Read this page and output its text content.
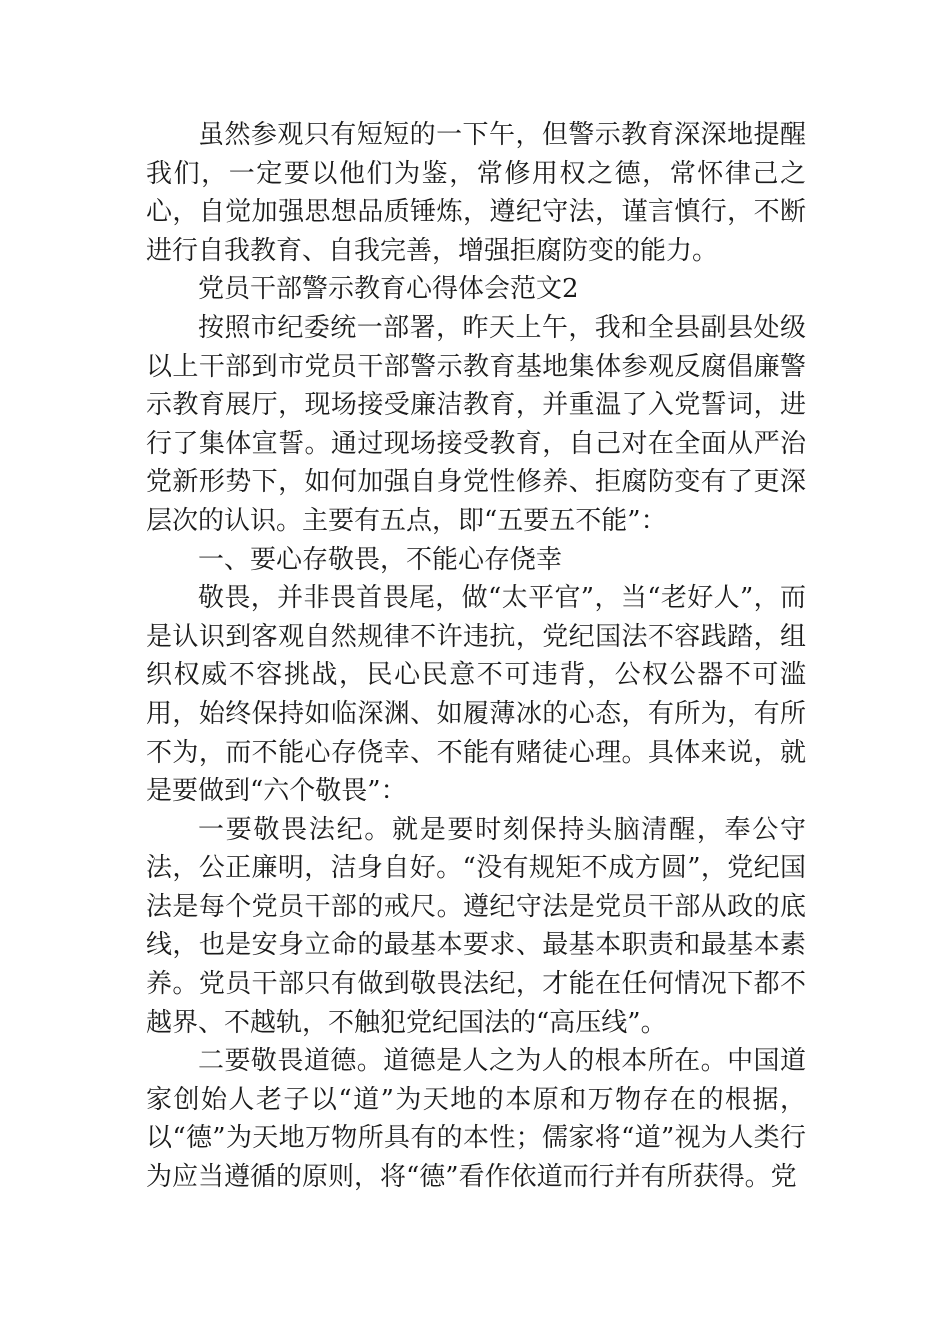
虽然参观只有短短的一下午，但警示教育深深地提醒我们，一定要以他们为鉴，常修用权之德，常怀律己之心，自觉加强思想品质锤炼，遵纪守法，谨言慎行，不断进行自我教育、自我完善，增强拒腐防变的能力。

党员干部警示教育心得体会范文2

按照市纪委统一部署，昨天上午，我和全县副县处级以上干部到市党员干部警示教育基地集体参观反腐倡廉警示教育展厅，现场接受廉洁教育，并重温了入党誓词，进行了集体宣誓。通过现场接受教育，自己对在全面从严治党新形势下，如何加强自身党性修养、拒腐防变有了更深层次的认识。主要有五点，即“五要五不能”：

一、要心存敬畏，不能心存侥幸

敬畏，并非畏首畏尾，做“太平官”，当“老好人”，而是认识到客观自然规律不许违抗，党纪国法不容践踏，组织权威不容挑战，民心民意不可违背，公权公器不可滥用，始终保持如临深渊、如履薄冰的心态，有所为，有所不为，而不能心存侥幸、不能有赌徒心理。具体来说，就是要做到“六个敬畏”：

一要敬畏法纪。就是要时刻保持头脑清醒，奉公守法，公正廉明，洁身自好。“没有规矩不成方圆”，党纪国法是每个党员干部的戒尺。遵纪守法是党员干部从政的底线，也是安身立命的最基本要求、最基本职责和最基本素养。党员干部只有做到敬畏法纪，才能在任何情况下都不越界、不越轨，不触犯党纪国法的“高压线”。

二要敬畏道德。道德是人之为人的根本所在。中国道家创始人老子以“道”为天地的本原和万物存在的根据，以“德”为天地万物所具有的本性；儒家将“道”视为人类行为应当遵循的原则，将“德”看作依道而行并有所获得。党
